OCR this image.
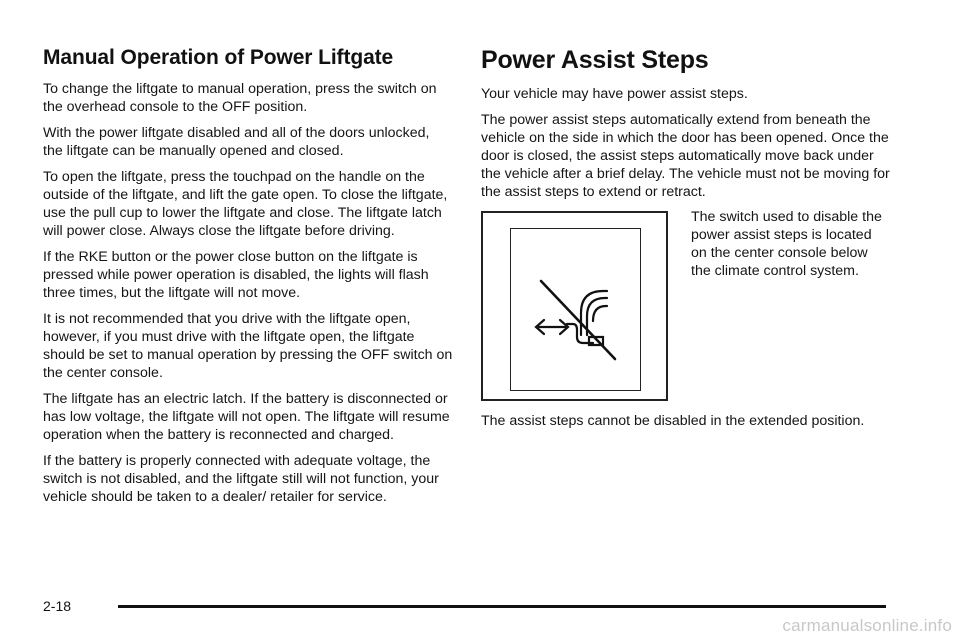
Manual Operation of Power Liftgate

To change the liftgate to manual operation, press the switch on the overhead console to the OFF position.

With the power liftgate disabled and all of the doors unlocked, the liftgate can be manually opened and closed.

To open the liftgate, press the touchpad on the handle on the outside of the liftgate, and lift the gate open. To close the liftgate, use the pull cup to lower the liftgate and close. The liftgate latch will power close. Always close the liftgate before driving.

If the RKE button or the power close button on the liftgate is pressed while power operation is disabled, the lights will flash three times, but the liftgate will not move.

It is not recommended that you drive with the liftgate open, however, if you must drive with the liftgate open, the liftgate should be set to manual operation by pressing the OFF switch on the center console.

The liftgate has an electric latch. If the battery is disconnected or has low voltage, the liftgate will not open. The liftgate will resume operation when the battery is reconnected and charged.

If the battery is properly connected with adequate voltage, the switch is not disabled, and the liftgate still will not function, your vehicle should be taken to a dealer/ retailer for service.

Power Assist Steps

Your vehicle may have power assist steps.

The power assist steps automatically extend from beneath the vehicle on the side in which the door has been opened. Once the door is closed, the assist steps automatically move back under the vehicle after a brief delay. The vehicle must not be moving for the assist steps to extend or retract.

The switch used to disable the power assist steps is located on the center console below the climate control system.

The assist steps cannot be disabled in the extended position.

2-18
carmanualsonline.info
